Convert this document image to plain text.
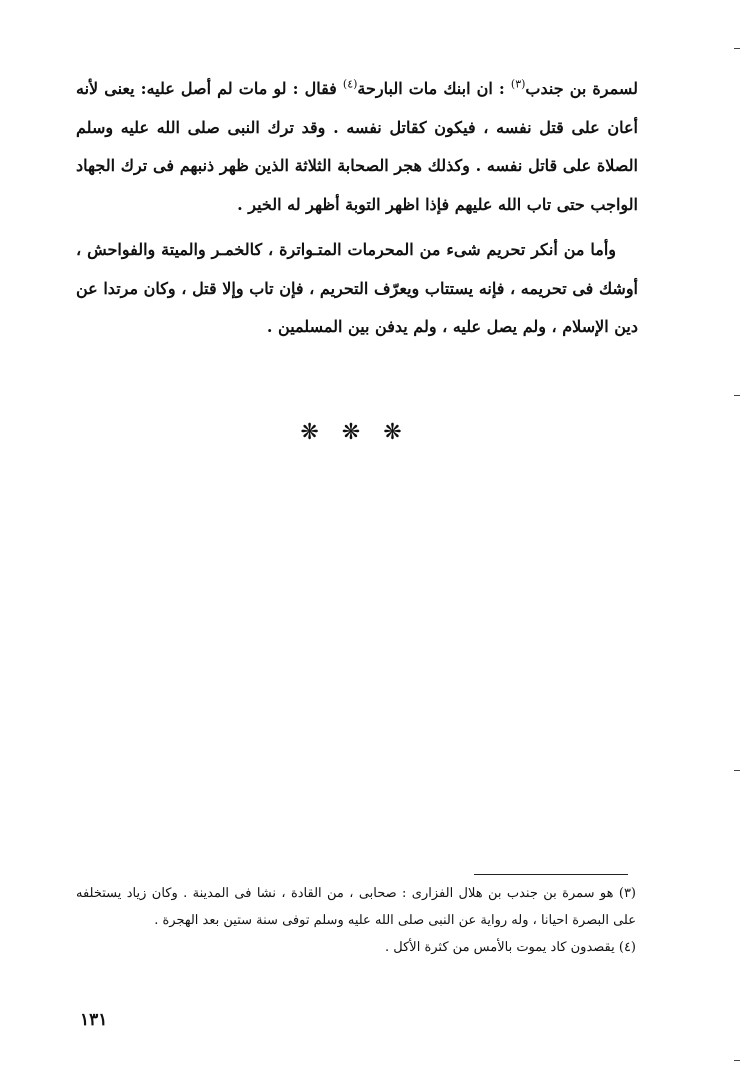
لسمرة بن جندب$^{(٣)}$ : ان ابنك مات البارحة$^{(٤)}$ فقال : لو مات لم أصل عليه: يعنى لأنه أعان على قتل نفسه ، فيكون كقاتل نفسه . وقد ترك النبى صلى الله عليه وسلم الصلاة على قاتل نفسه . وكذلك هجر الصحابة الثلاثة الذين ظهر ذنبهم فى ترك الجهاد الواجب حتى تاب الله عليهم فإذا اظهر التوبة أظهر له الخير .

وأما من أنكر تحريم شىء من المحرمات المتـواترة ، كالخمـر والميتة والفواحش ، أوشك فى تحريمه ، فإنه يستتاب ويعرّف التحريم ، فإن تاب وإلا قتل ، وكان مرتدا عن دين الإسلام ، ولم يصل عليه ، ولم يدفن بين المسلمين .

❋ ❋ ❋

(٣) هو سمرة بن جندب بن هلال الفزارى : صحابى ، من القادة ، نشا فى المدينة . وكان زياد يستخلفه على البصرة احيانا ، وله رواية عن النبى صلى الله عليه وسلم توفى سنة ستين بعد الهجرة .

(٤) يقصدون كاد يموت بالأمس من كثرة الأكل .

١٣١
